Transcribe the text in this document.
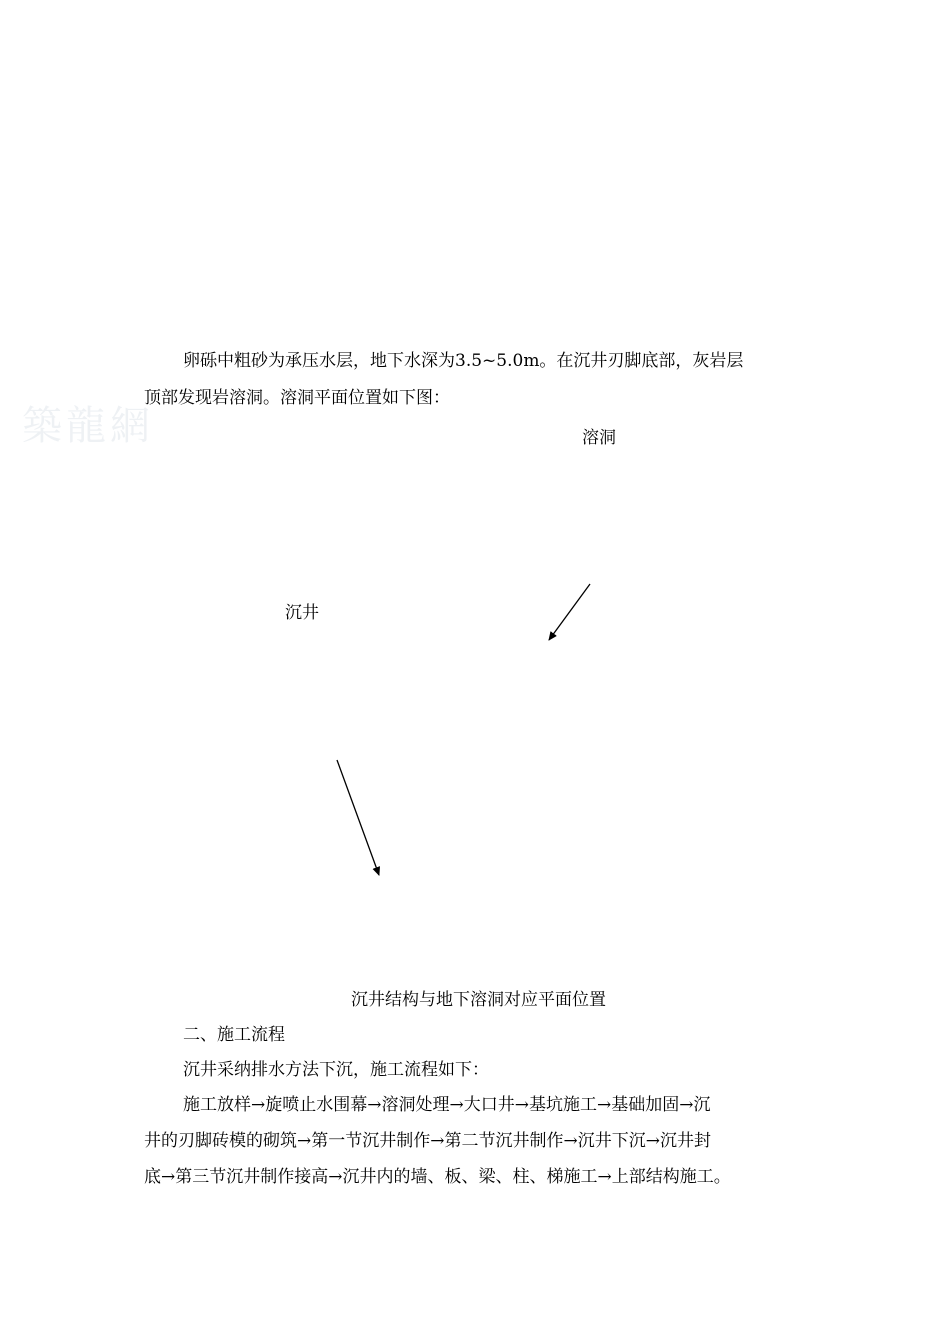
築龍網
卵砾中粗砂为承压水层，地下水深为3.5~5.0m。在沉井刃脚底部，灰岩层
顶部发现岩溶洞。溶洞平面位置如下图：
溶洞
沉井
沉井结构与地下溶洞对应平面位置
二、施工流程
沉井采纳排水方法下沉，施工流程如下：
施工放样→旋喷止水围幕→溶洞处理→大口井→基坑施工→基础加固→沉
井的刃脚砖模的砌筑→第一节沉井制作→第二节沉井制作→沉井下沉→沉井封
底→第三节沉井制作接高→沉井内的墙、板、梁、柱、梯施工→上部结构施工。
